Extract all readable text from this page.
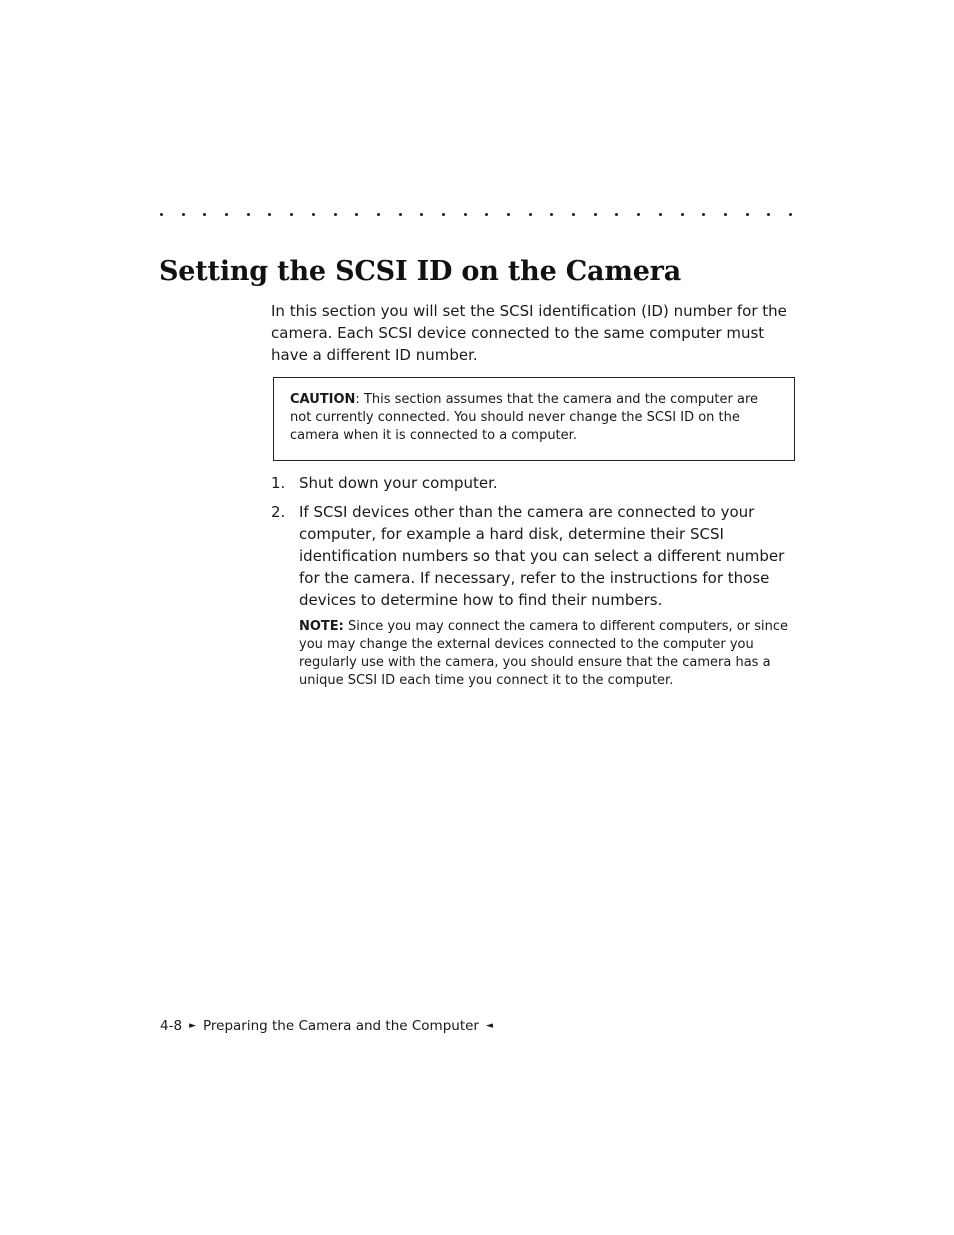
Setting the SCSI ID on the Camera

In this section you will set the SCSI identification (ID) number for the camera. Each SCSI device connected to the same computer must have a different ID number.

CAUTION: This section assumes that the camera and the computer are not currently connected. You should never change the SCSI ID on the camera when it is connected to a computer.
1. Shut down your computer.
2. If SCSI devices other than the camera are connected to your computer, for example a hard disk, determine their SCSI identification numbers so that you can select a different number for the camera. If necessary, refer to the instructions for those devices to determine how to find their numbers.

NOTE: Since you may connect the camera to different computers, or since you may change the external devices connected to the computer you regularly use with the camera, you should ensure that the camera has a unique SCSI ID each time you connect it to the computer.

4-8 ► Preparing the Camera and the Computer ◄
